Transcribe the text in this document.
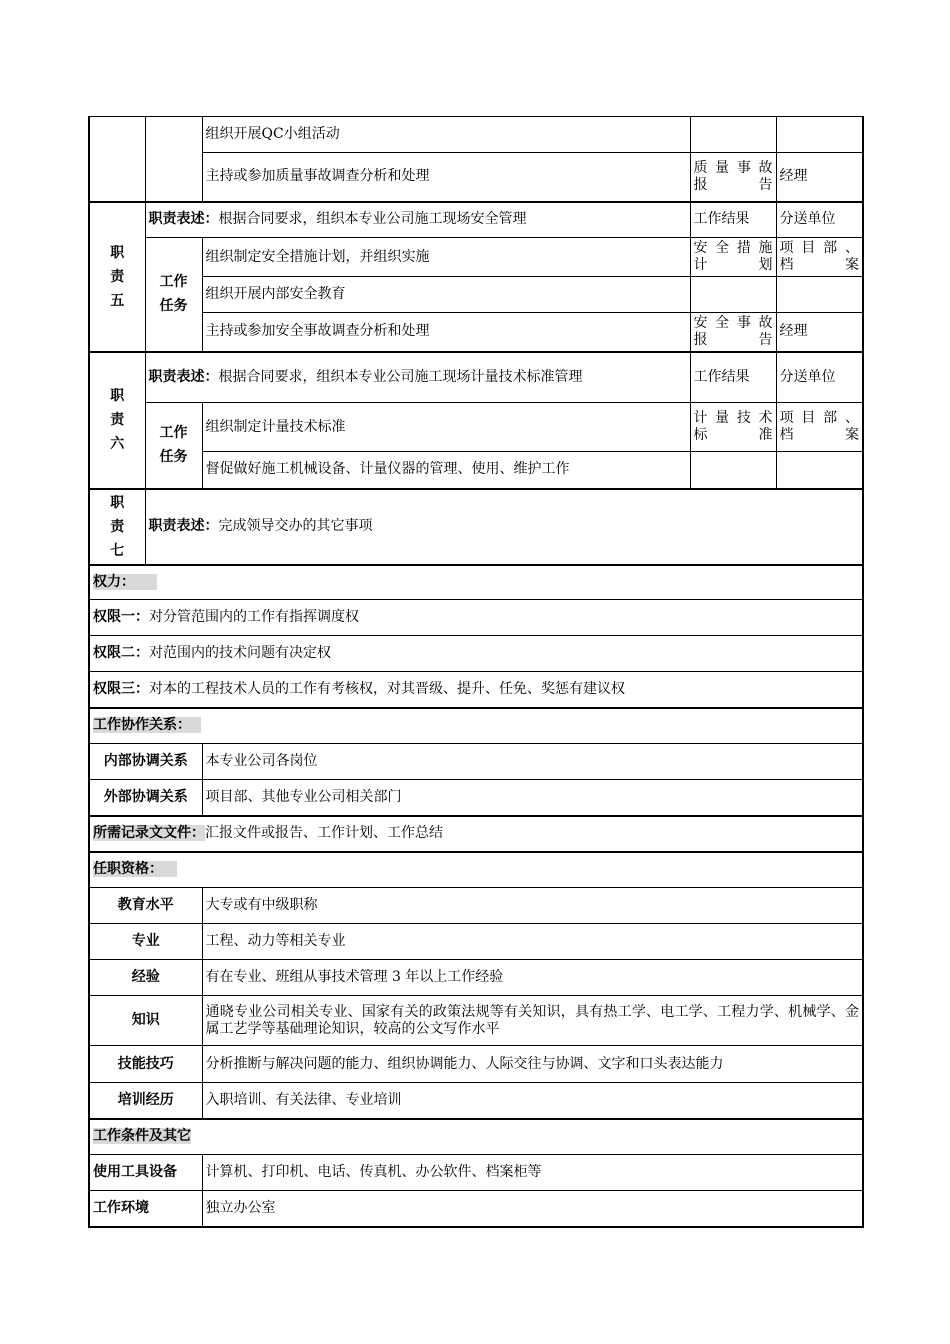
		组织开展QC小组活动		
		主持或参加质量事故调查分析和处理	质 量 事 故 报告	经理
职 责 五	职责表述：根据合同要求，组织本专业公司施工现场安全管理		工作结果	分送单位
	工作 任务	组织制定安全措施计划，并组织实施	安 全 措 施 计划	项 目 部 、 档案
		组织开展内部安全教育		
		主持或参加安全事故调查分析和处理	安 全 事 故 报告	经理
职 责 六	职责表述：根据合同要求，组织本专业公司施工现场计量技术标准管理		工作结果	分送单位
	工作 任务	组织制定计量技术标准	计 量 技 术 标准	项 目 部 、 档案
		督促做好施工机械设备、计量仪器的管理、使用、维护工作		
职 责 七	职责表述：完成领导交办的其它事项			
权力：	
权限一：对分管范围内的工作有指挥调度权	
权限二：对范围内的技术问题有决定权	
权限三：对本的工程技术人员的工作有考核权，对其晋级、提升、任免、奖惩有建议权	
工作协作关系：	
内部协调关系	本专业公司各岗位
外部协调关系	项目部、其他专业公司相关部门
所需记录文文件：汇报文件或报告、工作计划、工作总结	
任职资格：	
教育水平	大专或有中级职称
专业	工程、动力等相关专业
经验	有在专业、班组从事技术管理 3 年以上工作经验
知识	通晓专业公司相关专业、国家有关的政策法规等有关知识，具有热工学、电工学、工程力学、机械学、金属工艺学等基础理论知识，较高的公文写作水平
技能技巧	分析推断与解决问题的能力、组织协调能力、人际交往与协调、文字和口头表达能力
培训经历	入职培训、有关法律、专业培训
工作条件及其它	
使用工具设备	计算机、打印机、电话、传真机、办公软件、档案柜等
工作环境	独立办公室
